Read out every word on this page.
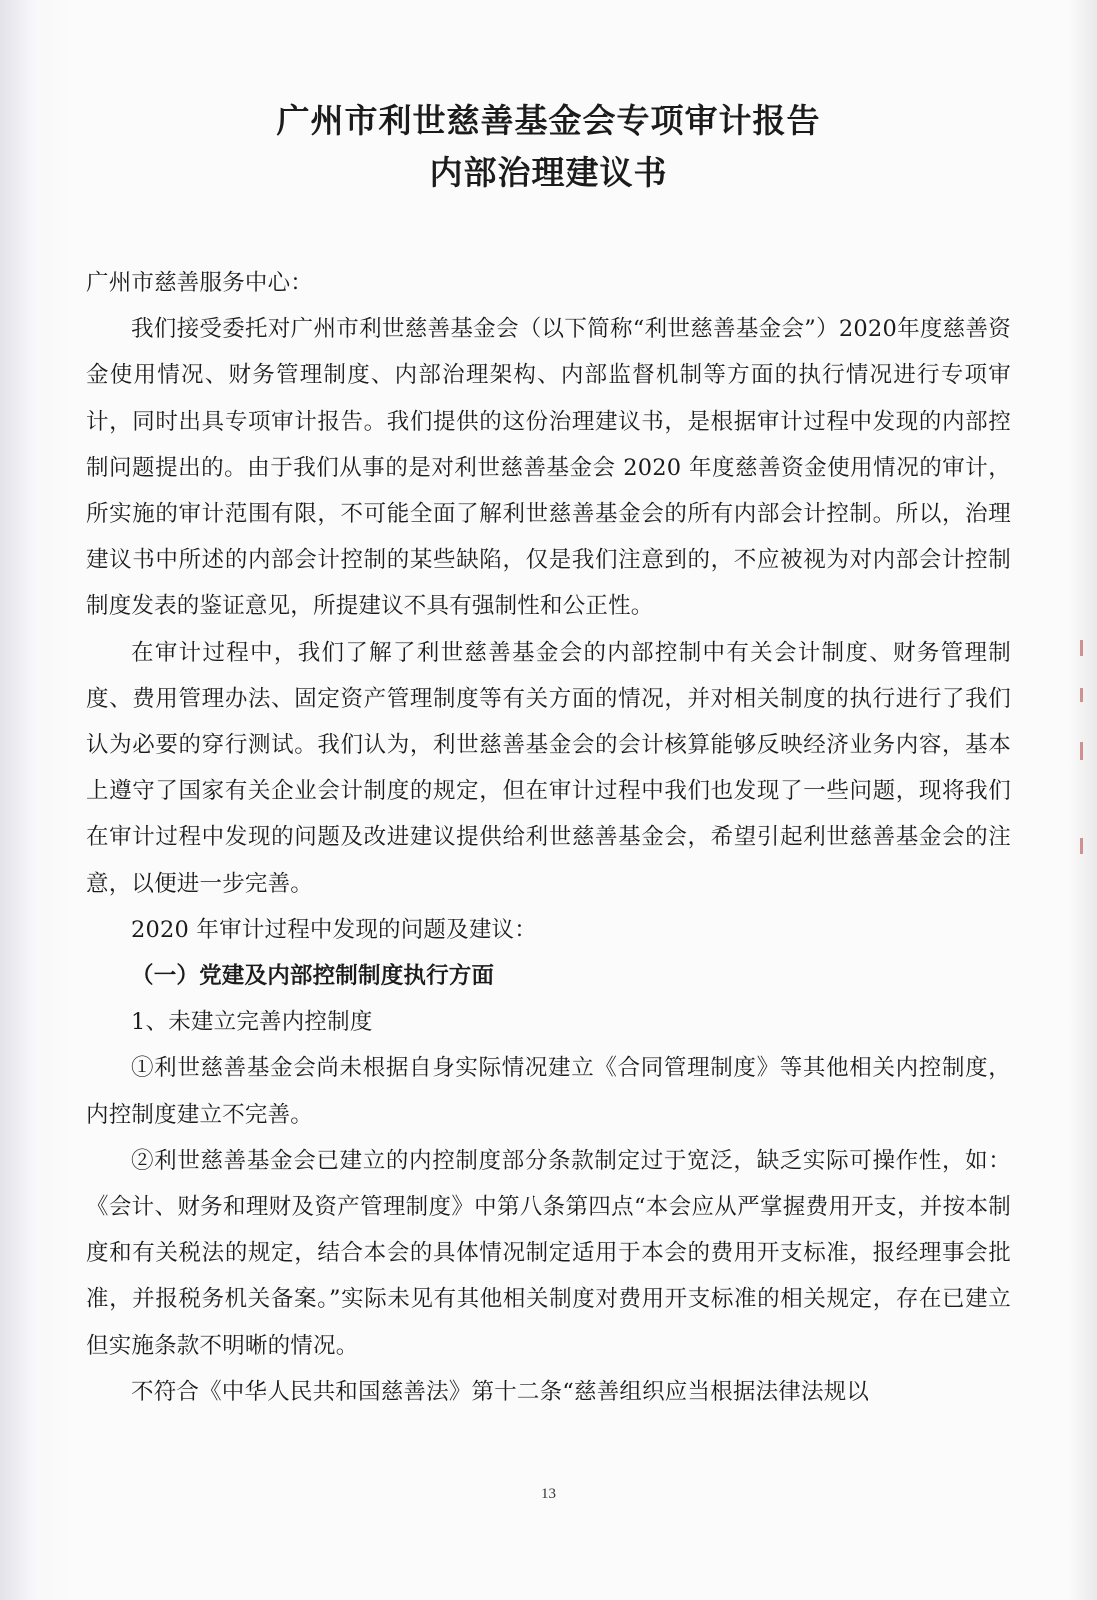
广州市利世慈善基金会专项审计报告
内部治理建议书

广州市慈善服务中心：

我们接受委托对广州市利世慈善基金会（以下简称“利世慈善基金会”）2020年度慈善资金使用情况、财务管理制度、内部治理架构、内部监督机制等方面的执行情况进行专项审计，同时出具专项审计报告。我们提供的这份治理建议书，是根据审计过程中发现的内部控制问题提出的。由于我们从事的是对利世慈善基金会 2020 年度慈善资金使用情况的审计，所实施的审计范围有限，不可能全面了解利世慈善基金会的所有内部会计控制。所以，治理建议书中所述的内部会计控制的某些缺陷，仅是我们注意到的，不应被视为对内部会计控制制度发表的鉴证意见，所提建议不具有强制性和公正性。

在审计过程中，我们了解了利世慈善基金会的内部控制中有关会计制度、财务管理制度、费用管理办法、固定资产管理制度等有关方面的情况，并对相关制度的执行进行了我们认为必要的穿行测试。我们认为，利世慈善基金会的会计核算能够反映经济业务内容，基本上遵守了国家有关企业会计制度的规定，但在审计过程中我们也发现了一些问题，现将我们在审计过程中发现的问题及改进建议提供给利世慈善基金会，希望引起利世慈善基金会的注意，以便进一步完善。

2020 年审计过程中发现的问题及建议：

（一）党建及内部控制制度执行方面

1、未建立完善内控制度

①利世慈善基金会尚未根据自身实际情况建立《合同管理制度》等其他相关内控制度，内控制度建立不完善。

②利世慈善基金会已建立的内控制度部分条款制定过于宽泛，缺乏实际可操作性，如：《会计、财务和理财及资产管理制度》中第八条第四点“本会应从严掌握费用开支，并按本制度和有关税法的规定，结合本会的具体情况制定适用于本会的费用开支标准，报经理事会批准，并报税务机关备案。”实际未见有其他相关制度对费用开支标准的相关规定，存在已建立但实施条款不明晰的情况。

不符合《中华人民共和国慈善法》第十二条“慈善组织应当根据法律法规以

13
